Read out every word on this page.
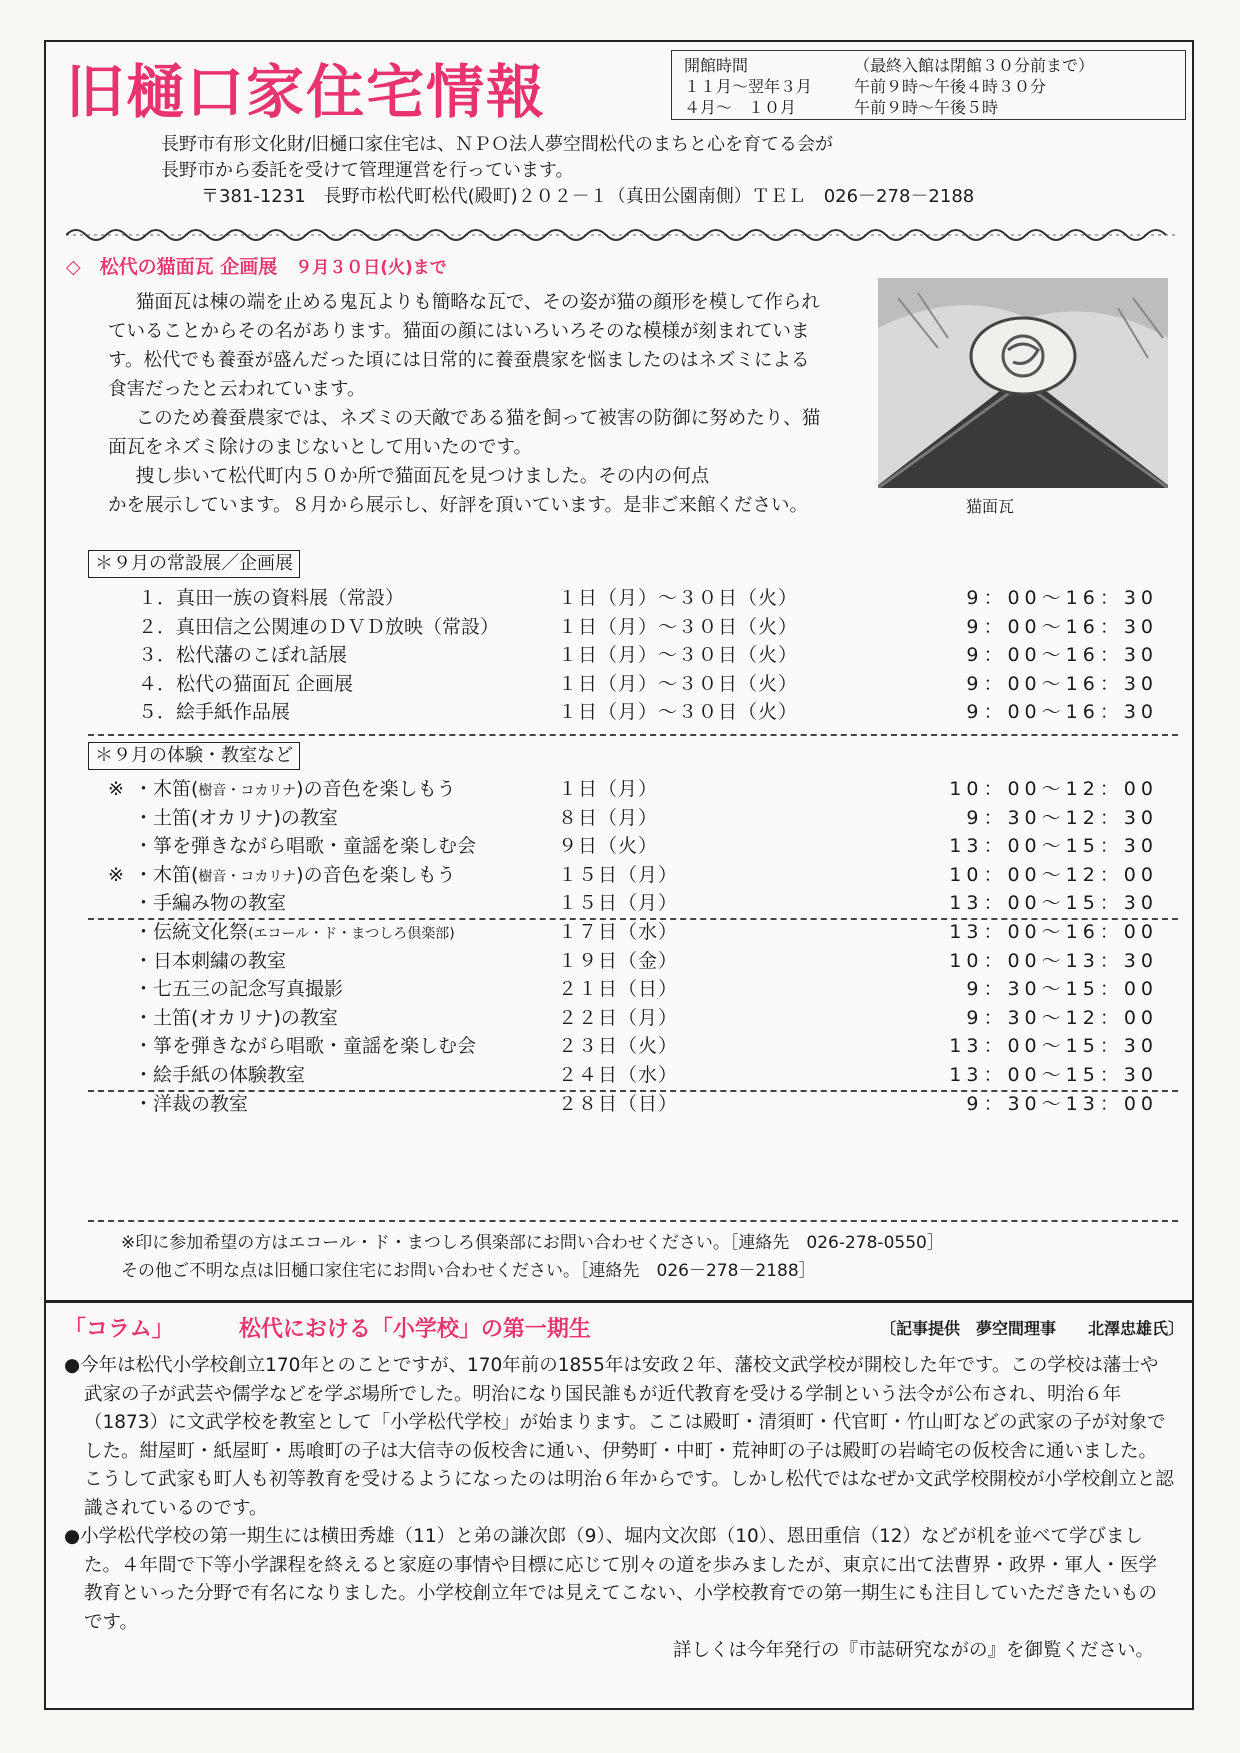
旧樋口家住宅情報	開館時間	（最終入館は閉館３０分前まで）
１１月～翌年３月	午前９時～午後４時３０分
４月～　１０月	午前９時～午後５時
長野市有形文化財/旧樋口家住宅は、ＮＰＯ法人夢空間松代のまちと心を育てる会が
長野市から委託を受けて管理運営を行っています。
〒381-1231　長野市松代町松代(殿町)２０２－１（真田公園南側）ＴＥＬ　026－278－2188
◇　松代の猫面瓦 企画展 ９月３０日(火)まで

猫面瓦は棟の端を止める鬼瓦よりも簡略な瓦で、その姿が猫の顔形を模して作られていることからその名があります。猫面の顔にはいろいろそのな模様が刻まれています。松代でも養蚕が盛んだった頃には日常的に養蚕農家を悩ましたのはネズミによる食害だったと云われています。

このため養蚕農家では、ネズミの天敵である猫を飼って被害の防御に努めたり、猫面瓦をネズミ除けのまじないとして用いたのです。

捜し歩いて松代町内５０か所で猫面瓦を見つけました。その内の何点

かを展示しています。８月から展示し、好評を頂いています。是非ご来館ください。	猫面瓦
＊９月の常設展／企画展
１．真田一族の資料展（常設）	１日（月）～３０日（火）	9：00～16：30
２．真田信之公関連のＤＶＤ放映（常設）	１日（月）～３０日（火）	9：00～16：30
３．松代藩のこぼれ話展	１日（月）～３０日（火）	9：00～16：30
４．松代の猫面瓦 企画展	１日（月）～３０日（火）	9：00～16：30
５．絵手紙作品展	１日（月）～３０日（火）	9：00～16：30
＊９月の体験・教室など
※ ・木笛(樹音・コカリナ)の音色を楽しもう	１日（月）	10：00～12：00
・土笛(オカリナ)の教室	８日（月）	9：30～12：30
・箏を弾きながら唱歌・童謡を楽しむ会	９日（火）	13：00～15：30
※ ・木笛(樹音・コカリナ)の音色を楽しもう	１５日（月）	10：00～12：00
・手編み物の教室	１５日（月）	13：00～15：30
・伝統文化祭(エコール・ド・まつしろ倶楽部)	１７日（水）	13：00～16：00
・日本刺繍の教室	１９日（金）	10：00～13：30
・七五三の記念写真撮影	２１日（日）	9：30～15：00
・土笛(オカリナ)の教室	２２日（月）	9：30～12：00
・箏を弾きながら唱歌・童謡を楽しむ会	２３日（火）	13：00～15：30
・絵手紙の体験教室	２４日（水）	13：00～15：30
・洋裁の教室	２８日（日）	9：30～13：00
※印に参加希望の方はエコール・ド・まつしろ倶楽部にお問い合わせください。［連絡先　026-278-0550］
その他ご不明な点は旧樋口家住宅にお問い合わせください。［連絡先　026－278－2188］
「コラム」	松代における「小学校」の第一期生	〔記事提供　夢空間理事　　北澤忠雄氏〕

●今年は松代小学校創立170年とのことですが、170年前の1855年は安政２年、藩校文武学校が開校した年です。この学校は藩士や武家の子が武芸や儒学などを学ぶ場所でした。明治になり国民誰もが近代教育を受ける学制という法令が公布され、明治６年（1873）に文武学校を教室として「小学松代学校」が始まります。ここは殿町・清須町・代官町・竹山町などの武家の子が対象でした。紺屋町・紙屋町・馬喰町の子は大信寺の仮校舎に通い、伊勢町・中町・荒神町の子は殿町の岩崎宅の仮校舎に通いました。こうして武家も町人も初等教育を受けるようになったのは明治６年からです。しかし松代ではなぜか文武学校開校が小学校創立と認識されているのです。

●小学松代学校の第一期生には横田秀雄（11）と弟の謙次郎（9）、堀内文次郎（10）、恩田重信（12）などが机を並べて学びました。４年間で下等小学課程を終えると家庭の事情や目標に応じて別々の道を歩みましたが、東京に出て法曹界・政界・軍人・医学教育といった分野で有名になりました。小学校創立年では見えてこない、小学校教育での第一期生にも注目していただきたいものです。

詳しくは今年発行の『市誌研究ながの』を御覧ください。
